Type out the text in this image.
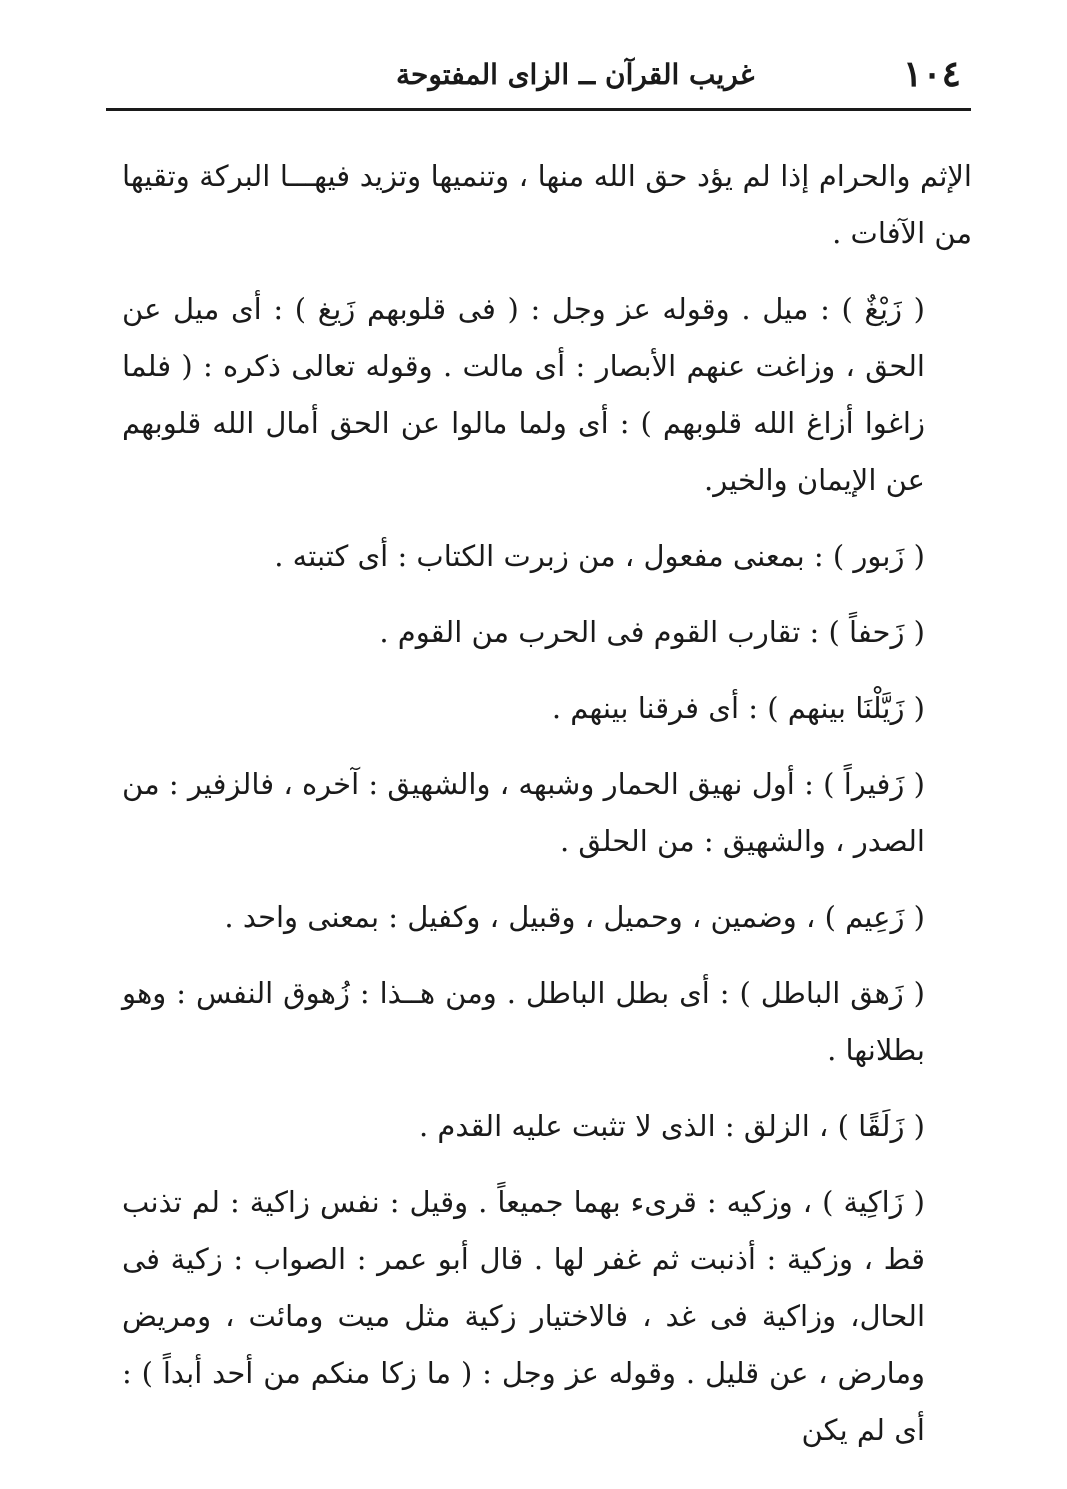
١٠٤
غريب القرآن ــ الزاى المفتوحة

الإثم والحرام إذا لم يؤد حق الله منها ، وتنميها وتزيد فيهـــا البركة وتقيها من الآفات .

( زَيْغٌ ) : ميل . وقوله عز وجل : ( فى قلوبهم زَيغ ) : أى ميل عن الحق ، وزاغت عنهم الأبصار : أى مالت . وقوله تعالى ذكره : ( فلما زاغوا أزاغ الله قلوبهم ) : أى ولما مالوا عن الحق أمال الله قلوبهم عن الإيمان والخير.

( زَبور ) : بمعنى مفعول ، من زبرت الكتاب : أى كتبته .

( زَحفاً ) : تقارب القوم فى الحرب من القوم .

( زَيَّلْنَا بينهم ) : أى فرقنا بينهم .

( زَفيراً ) : أول نهيق الحمار وشبهه ، والشهيق : آخره ، فالزفير : من الصدر ، والشهيق : من الحلق .

( زَعِيم ) ، وضمين ، وحميل ، وقبيل ، وكفيل : بمعنى واحد .

( زَهق الباطل ) : أى بطل الباطل . ومن هــذا : زُهوق النفس : وهو بطلانها .

( زَلَقًا ) ، الزلق : الذى لا تثبت عليه القدم .

( زَاكِية ) ، وزكيه : قرىء بهما جميعاً . وقيل : نفس زاكية : لم تذنب قط ، وزكية : أذنبت ثم غفر لها . قال أبو عمر : الصواب : زكية فى الحال، وزاكية فى غد ، فالاختيار زكية مثل ميت ومائت ، ومريض ومارض ، عن قليل . وقوله عز وجل : ( ما زكا منكم من أحد أبداً ) : أى لم يكن
